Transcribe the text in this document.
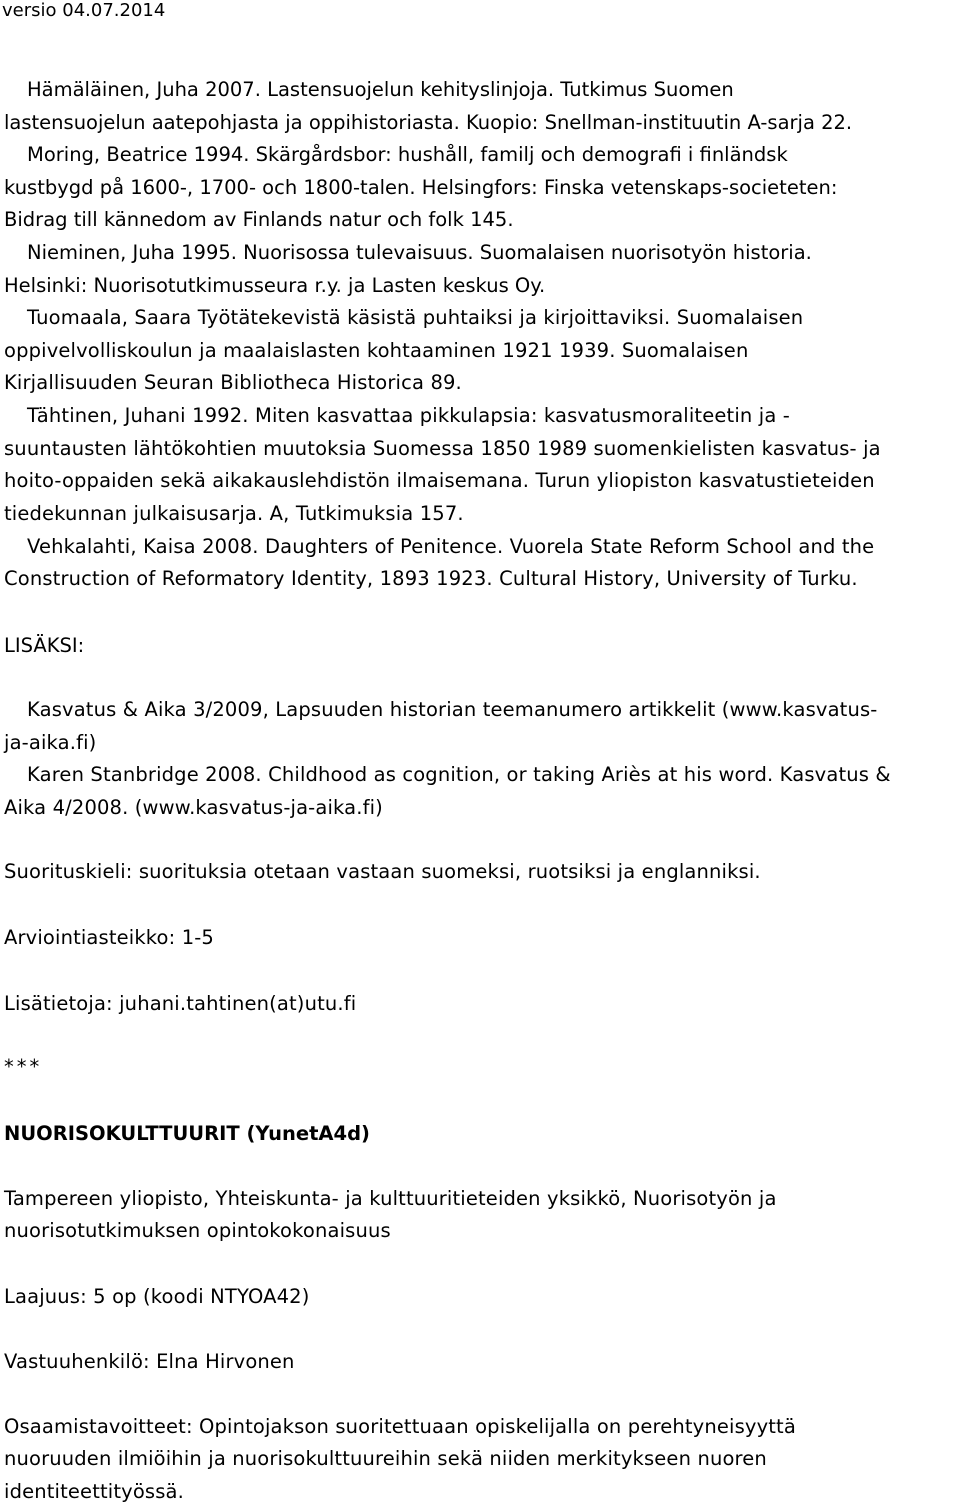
versio 04.07.2014

Hämäläinen, Juha 2007. Lastensuojelun kehityslinjoja. Tutkimus Suomen

lastensuojelun aatepohjasta ja oppihistoriasta. Kuopio: Snellman-instituutin A-sarja 22.

Moring, Beatrice 1994. Skärgårdsbor: hushåll, familj och demografi i finländsk

kustbygd på 1600-, 1700- och 1800-talen. Helsingfors: Finska vetenskaps-societeten:

Bidrag till kännedom av Finlands natur och folk 145.

Nieminen, Juha 1995. Nuorisossa tulevaisuus. Suomalaisen nuorisotyön historia.

Helsinki: Nuorisotutkimusseura r.y. ja Lasten keskus Oy.

Tuomaala, Saara Työtätekevistä käsistä puhtaiksi ja kirjoittaviksi. Suomalaisen

oppivelvolliskoulun ja maalaislasten kohtaaminen 1921 1939. Suomalaisen

Kirjallisuuden Seuran Bibliotheca Historica 89.

Tähtinen, Juhani 1992. Miten kasvattaa pikkulapsia: kasvatusmoraliteetin ja -

suuntausten lähtökohtien muutoksia Suomessa 1850 1989 suomenkielisten kasvatus- ja

hoito-oppaiden sekä aikakauslehdistön ilmaisemana. Turun yliopiston kasvatustieteiden

tiedekunnan julkaisusarja. A, Tutkimuksia 157.

Vehkalahti, Kaisa 2008. Daughters of Penitence. Vuorela State Reform School and the

Construction of Reformatory Identity, 1893 1923. Cultural History, University of Turku.

LISÄKSI:

Kasvatus & Aika 3/2009, Lapsuuden historian teemanumero artikkelit (www.kasvatus-

ja-aika.fi)

Karen Stanbridge 2008. Childhood as cognition, or taking Ariès at his word. Kasvatus &

Aika 4/2008. (www.kasvatus-ja-aika.fi)

Suorituskieli: suorituksia otetaan vastaan suomeksi, ruotsiksi ja englanniksi.

Arviointiasteikko: 1-5

Lisätietoja: juhani.tahtinen(at)utu.fi

***

NUORISOKULTTUURIT (YunetA4d)

Tampereen yliopisto, Yhteiskunta- ja kulttuuritieteiden yksikkö, Nuorisotyön ja

nuorisotutkimuksen opintokokonaisuus

Laajuus: 5 op (koodi NTYOA42)

Vastuuhenkilö: Elna Hirvonen

Osaamistavoitteet: Opintojakson suoritettuaan opiskelijalla on perehtyneisyyttä

nuoruuden ilmiöihin ja nuorisokulttuureihin sekä niiden merkitykseen nuoren

identiteettityössä.
